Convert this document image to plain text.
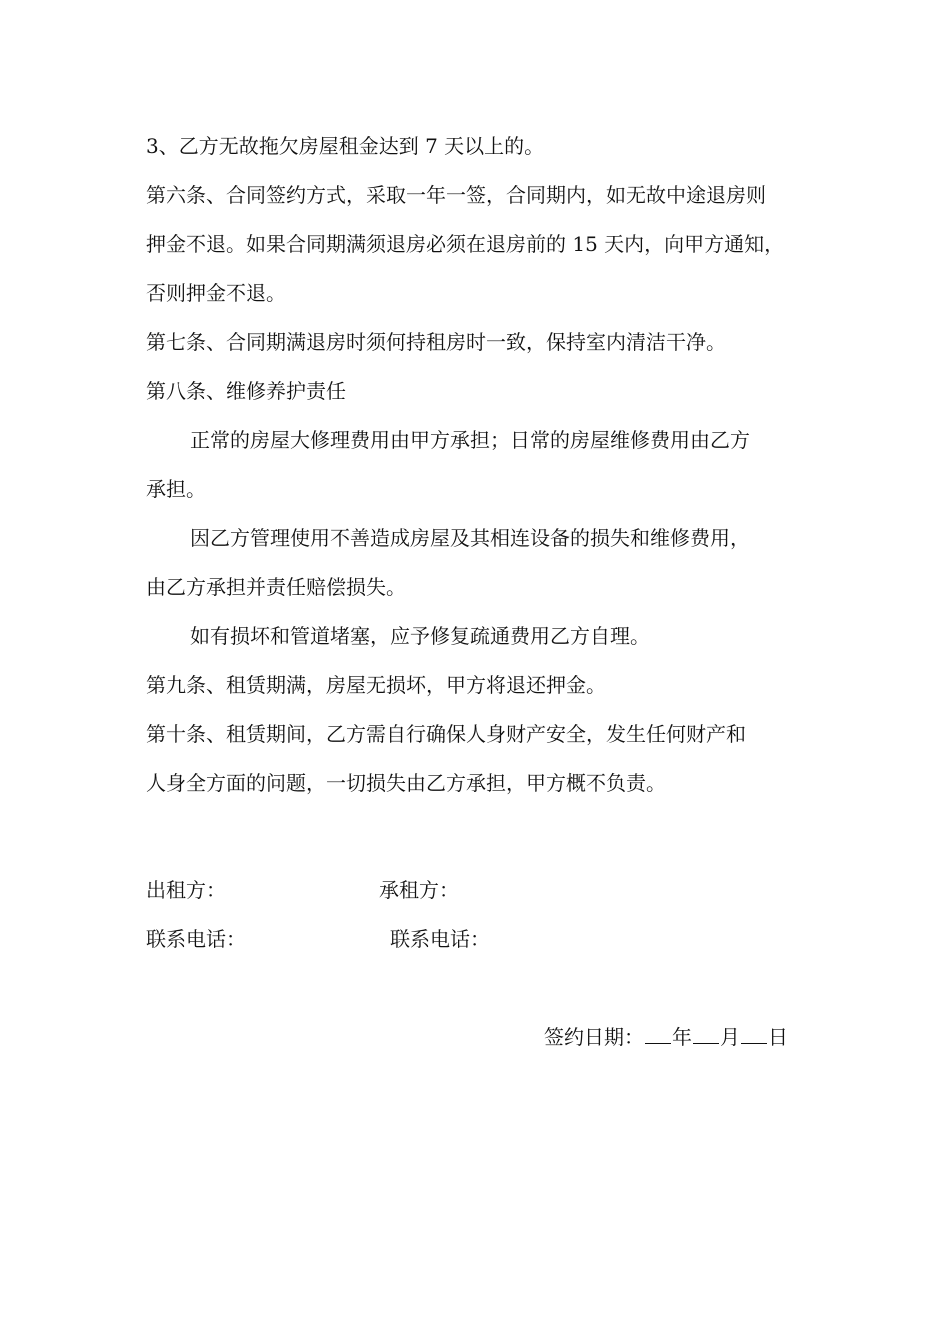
3、乙方无故拖欠房屋租金达到 7 天以上的。
第六条、合同签约方式，采取一年一签，合同期内，如无故中途退房则
押金不退。如果合同期满须退房必须在退房前的 15 天内，向甲方通知，
否则押金不退。
第七条、合同期满退房时须何持租房时一致，保持室内清洁干净。
第八条、维修养护责任
正常的房屋大修理费用由甲方承担；日常的房屋维修费用由乙方
承担。
因乙方管理使用不善造成房屋及其相连设备的损失和维修费用，
由乙方承担并责任赔偿损失。
如有损坏和管道堵塞，应予修复疏通费用乙方自理。
第九条、租赁期满，房屋无损坏，甲方将退还押金。
第十条、租赁期间，乙方需自行确保人身财产安全，发生任何财产和
人身全方面的问题，一切损失由乙方承担，甲方概不负责。
出租方：	承租方：
联系电话：	联系电话：
签约日期： 年 月 日
